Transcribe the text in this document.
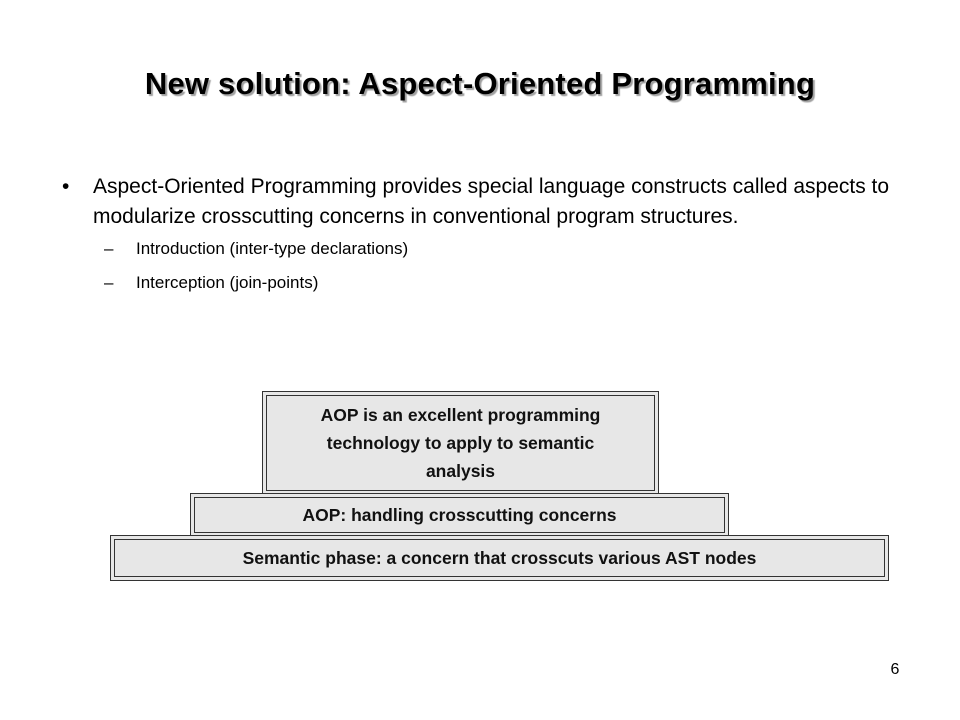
New solution: Aspect-Oriented Programming
•	Aspect-Oriented Programming provides special language constructs called aspects to modularize crosscutting concerns in conventional program structures.
–	Introduction (inter-type declarations)
–	Interception (join-points)
AOP is an excellent programming technology to apply to semantic analysis
AOP: handling crosscutting concerns
Semantic phase: a concern that crosscuts various AST nodes
6
